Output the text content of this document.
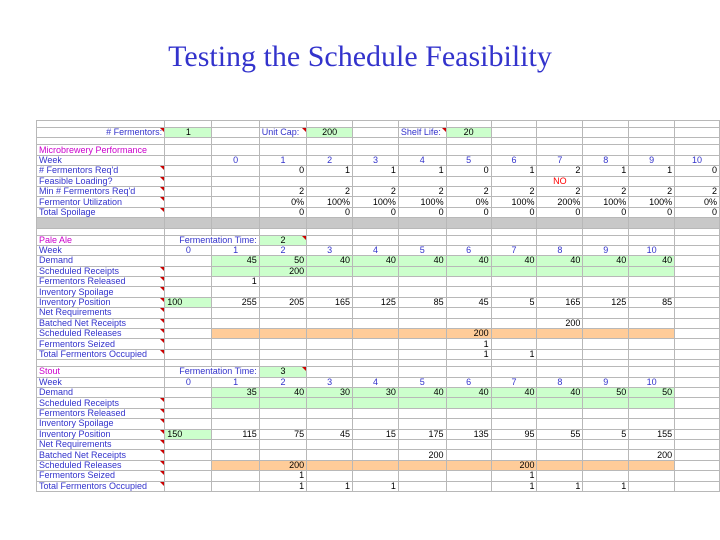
Testing the Schedule Feasibility

# Fermentors:	1		Unit Cap:	200		Shelf Life:	20					

Microbrewery Performance												
Week		0	1	2	3	4	5	6	7	8	9	10
# Fermentors Req'd			0	1	1	1	0	1	2	1	1	0
Feasible Loading?									NO			
Min # Fermentors Req'd			2	2	2	2	2	2	2	2	2	2
Fermentor Utilization			0%	100%	100%	100%	0%	100%	200%	100%	100%	0%
Total Spoilage			0	0	0	0	0	0	0	0	0	0

Pale Ale	Fermentation Time:		2									
Week	0	1	2	3	4	5	6	7	8	9	10	
Demand		45	50	40	40	40	40	40	40	40	40	
Scheduled Receipts			200									
Fermentors Released		1										
Inventory Spoilage												
Inventory Position	100	255	205	165	125	85	45	5	165	125	85	
Net Requirements												
Batched Net Receipts									200			
Scheduled Releases							200					
Fermentors Seized							1					
Total Fermentors Occupied							1	1				

Stout	Fermentation Time:		3									
Week	0	1	2	3	4	5	6	7	8	9	10	
Demand		35	40	30	30	40	40	40	40	50	50	
Scheduled Receipts												
Fermentors Released												
Inventory Spoilage												
Inventory Position	150	115	75	45	15	175	135	95	55	5	155	
Net Requirements												
Batched Net Receipts						200					200	
Scheduled Releases			200					200				
Fermentors Seized			1					1				
Total Fermentors Occupied			1	1	1			1	1	1		
